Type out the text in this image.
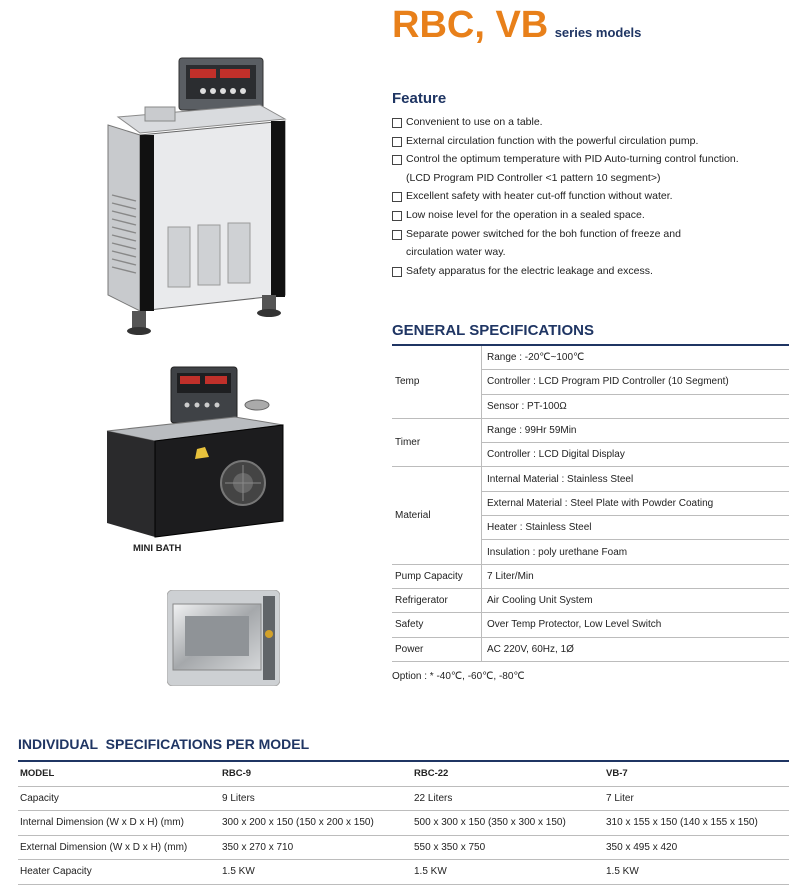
RBC, VB series models
MINI BATH
Feature
Convenient to use on a table.
External circulation function with the powerful circulation pump.
Control the optimum temperature with PID Auto-turning control function.
(LCD Program PID Controller <1 pattern 10 segment>)
Excellent safety with heater cut-off function without water.
Low noise level for the operation in a sealed space.
Separate power switched for the boh function of freeze and
circulation water way.
Safety apparatus for the electric leakage and excess.
GENERAL SPECIFICATIONS
Temp	Range : -20℃~100℃
	Controller : LCD Program PID Controller (10 Segment)
	Sensor : PT-100Ω
Timer	Range : 99Hr 59Min
	Controller : LCD Digital Display
Material	Internal Material : Stainless Steel
	External Material : Steel Plate with Powder Coating
	Heater : Stainless Steel
	Insulation : poly urethane Foam
Pump Capacity	7 Liter/Min
Refrigerator	Air Cooling Unit System
Safety	Over Temp Protector, Low Level Switch
Power	AC 220V, 60Hz, 1Ø
Option : * -40℃, -60℃, -80℃
INDIVIDUAL  SPECIFICATIONS PER MODEL
MODEL	RBC-9	RBC-22	VB-7
Capacity	9 Liters	22 Liters	7 Liter
Internal Dimension (W x D x H) (mm)	300 x 200 x 150 (150 x 200 x 150)	500 x 300 x 150 (350 x 300 x 150)	310 x 155 x 150 (140 x 155 x 150)
External Dimension (W x D x H) (mm)	350 x 270 x 710	550 x 350 x 750	350 x 495 x 420
Heater Capacity	1.5 KW	1.5 KW	1.5 KW
